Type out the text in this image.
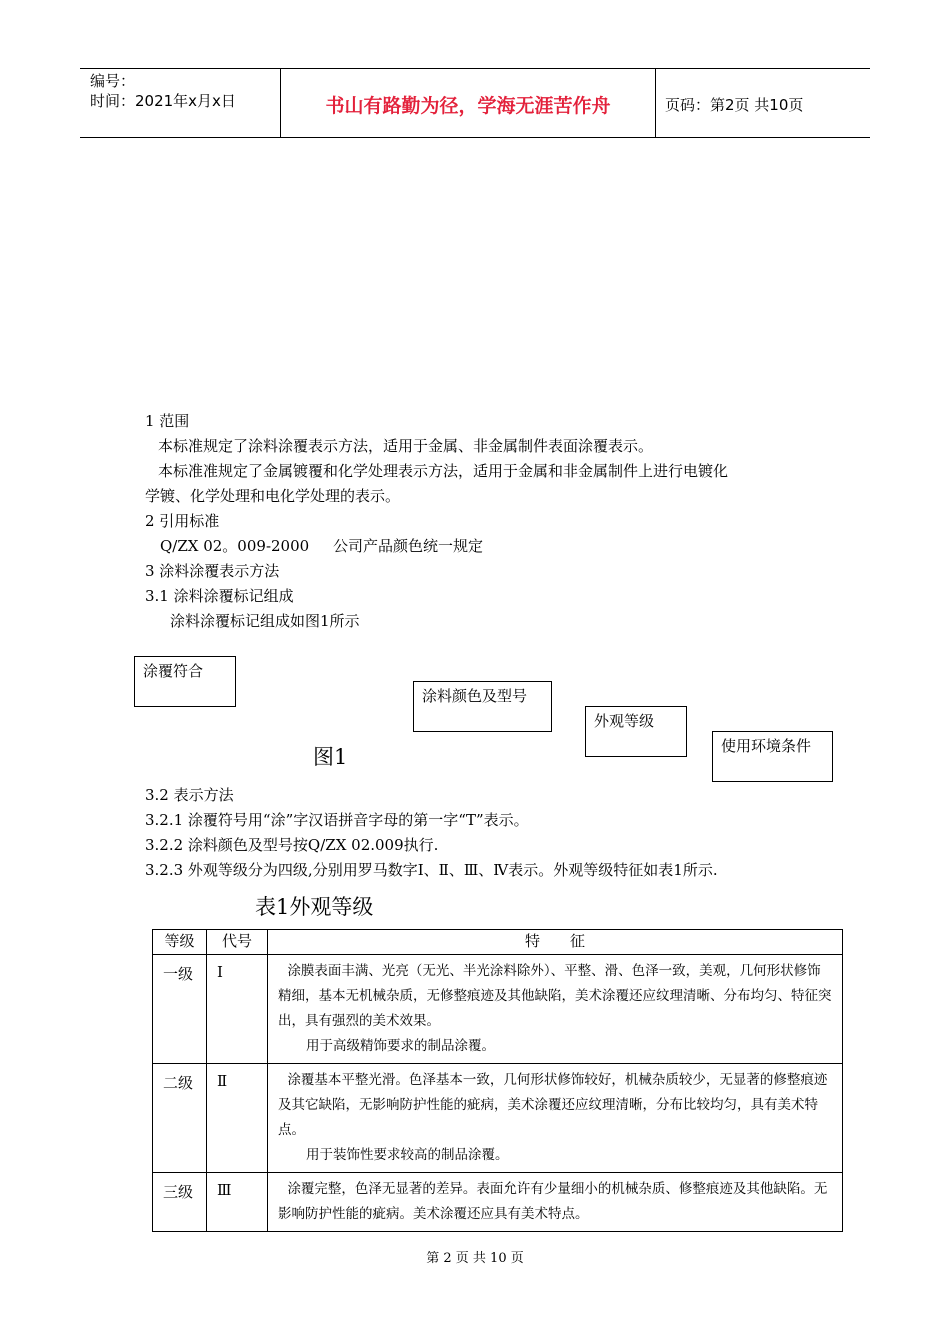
编号：
时间：2021年x月x日	书山有路勤为径，学海无涯苦作舟	页码：第2页 共10页
1 范围
本标准规定了涂料涂覆表示方法，适用于金属、非金属制件表面涂覆表示。
本标准准规定了金属镀覆和化学处理表示方法，适用于金属和非金属制件上进行电镀化
学镀、化学处理和电化学处理的表示。
2 引用标准
Q/ZX 02。009-2000 公司产品颜色统一规定
3 涂料涂覆表示方法
3.1 涂料涂覆标记组成
涂料涂覆标记组成如图1所示
涂覆符合
涂料颜色及型号
外观等级
使用环境条件
图1
3.2 表示方法
3.2.1 涂覆符号用“涂”字汉语拼音字母的第一字“T”表示。
3.2.2 涂料颜色及型号按Q/ZX 02.009执行.
3.2.3 外观等级分为四级,分别用罗马数字Ⅰ、Ⅱ、Ⅲ、Ⅳ表示。外观等级特征如表1所示.
表1外观等级
等级	代号	特　　征
一级	Ⅰ	涂膜表面丰满、光亮（无光、半光涂料除外）、平整、滑、色泽一致，美观，几何形状修饰精细，基本无机械杂质，无修整痕迹及其他缺陷，美术涂覆还应纹理清晰、分布均匀、特征突出，具有强烈的美术效果。
用于高级精饰要求的制品涂覆。

二级	Ⅱ	涂覆基本平整光滑。色泽基本一致，几何形状修饰较好，机械杂质较少，无显著的修整痕迹及其它缺陷，无影响防护性能的疵病，美术涂覆还应纹理清晰，分布比较均匀，具有美术特点。
用于装饰性要求较高的制品涂覆。

三级	Ⅲ	涂覆完整，色泽无显著的差异。表面允许有少量细小的机械杂质、修整痕迹及其他缺陷。无影响防护性能的疵病。美术涂覆还应具有美术特点。
第 2 页 共 10 页
